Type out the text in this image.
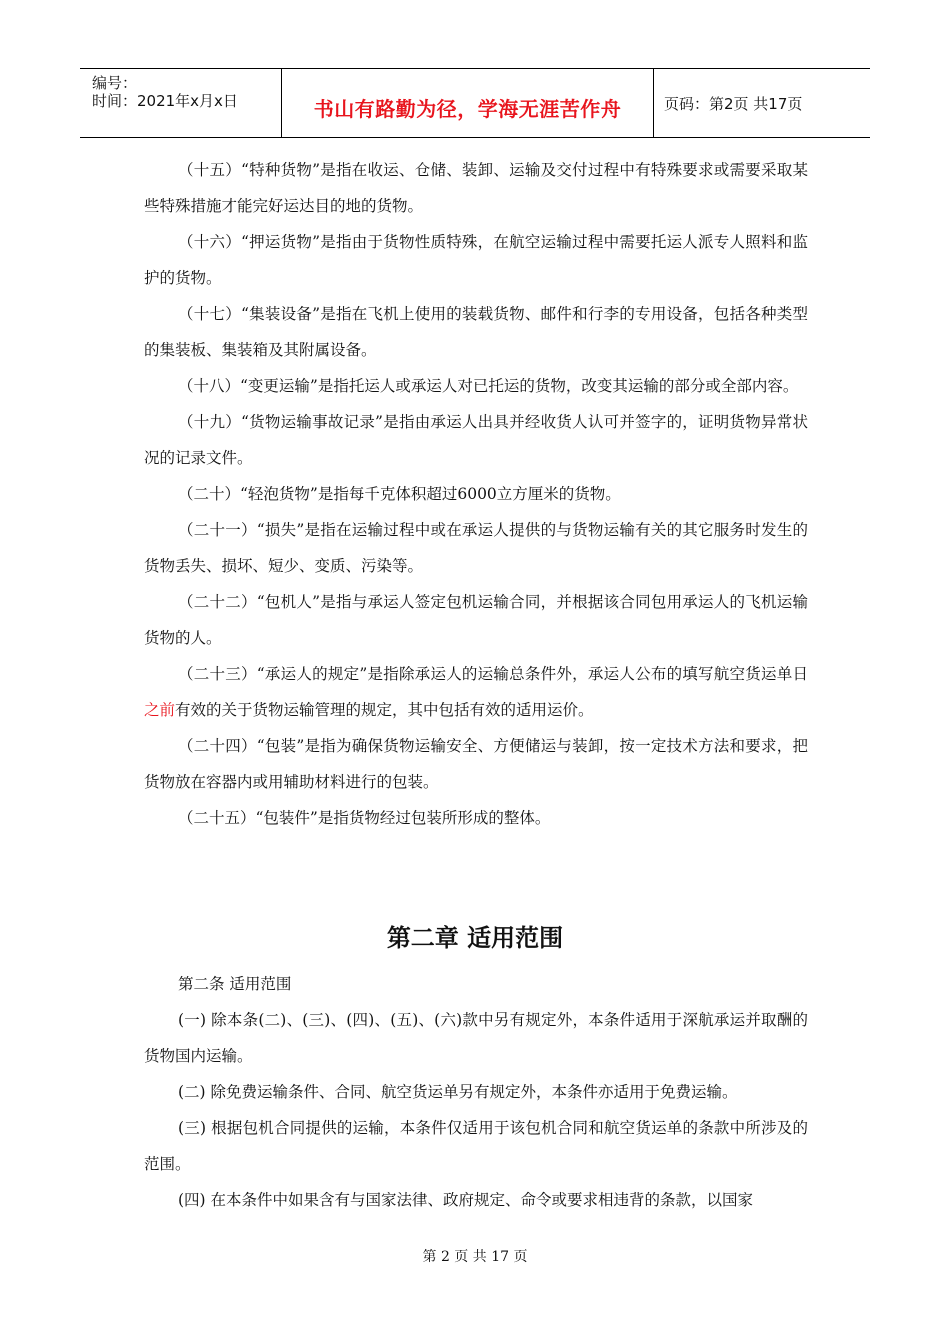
编号：
时间：2021年x月x日	书山有路勤为径，学海无涯苦作舟	页码：第2页 共17页

（十五）“特种货物”是指在收运、仓储、装卸、运输及交付过程中有特殊要求或需要采取某些特殊措施才能完好运达目的地的货物。

（十六）“押运货物”是指由于货物性质特殊，在航空运输过程中需要托运人派专人照料和监护的货物。

（十七）“集装设备”是指在飞机上使用的装载货物、邮件和行李的专用设备，包括各种类型的集装板、集装箱及其附属设备。

（十八）“变更运输”是指托运人或承运人对已托运的货物，改变其运输的部分或全部内容。

（十九）“货物运输事故记录”是指由承运人出具并经收货人认可并签字的，证明货物异常状况的记录文件。

（二十）“轻泡货物”是指每千克体积超过6000立方厘米的货物。

（二十一）“损失”是指在运输过程中或在承运人提供的与货物运输有关的其它服务时发生的货物丢失、损坏、短少、变质、污染等。

（二十二）“包机人”是指与承运人签定包机运输合同，并根据该合同包用承运人的飞机运输货物的人。

（二十三）“承运人的规定”是指除承运人的运输总条件外，承运人公布的填写航空货运单日之前有效的关于货物运输管理的规定，其中包括有效的适用运价。

（二十四）“包装”是指为确保货物运输安全、方便储运与装卸，按一定技术方法和要求，把货物放在容器内或用辅助材料进行的包装。

（二十五）“包装件”是指货物经过包装所形成的整体。

第二章 适用范围

第二条 适用范围

(一) 除本条(二)、(三)、(四)、(五)、(六)款中另有规定外，本条件适用于深航承运并取酬的货物国内运输。

(二) 除免费运输条件、合同、航空货运单另有规定外，本条件亦适用于免费运输。

(三) 根据包机合同提供的运输，本条件仅适用于该包机合同和航空货运单的条款中所涉及的范围。

(四) 在本条件中如果含有与国家法律、政府规定、命令或要求相违背的条款，以国家

第 2 页 共 17 页
